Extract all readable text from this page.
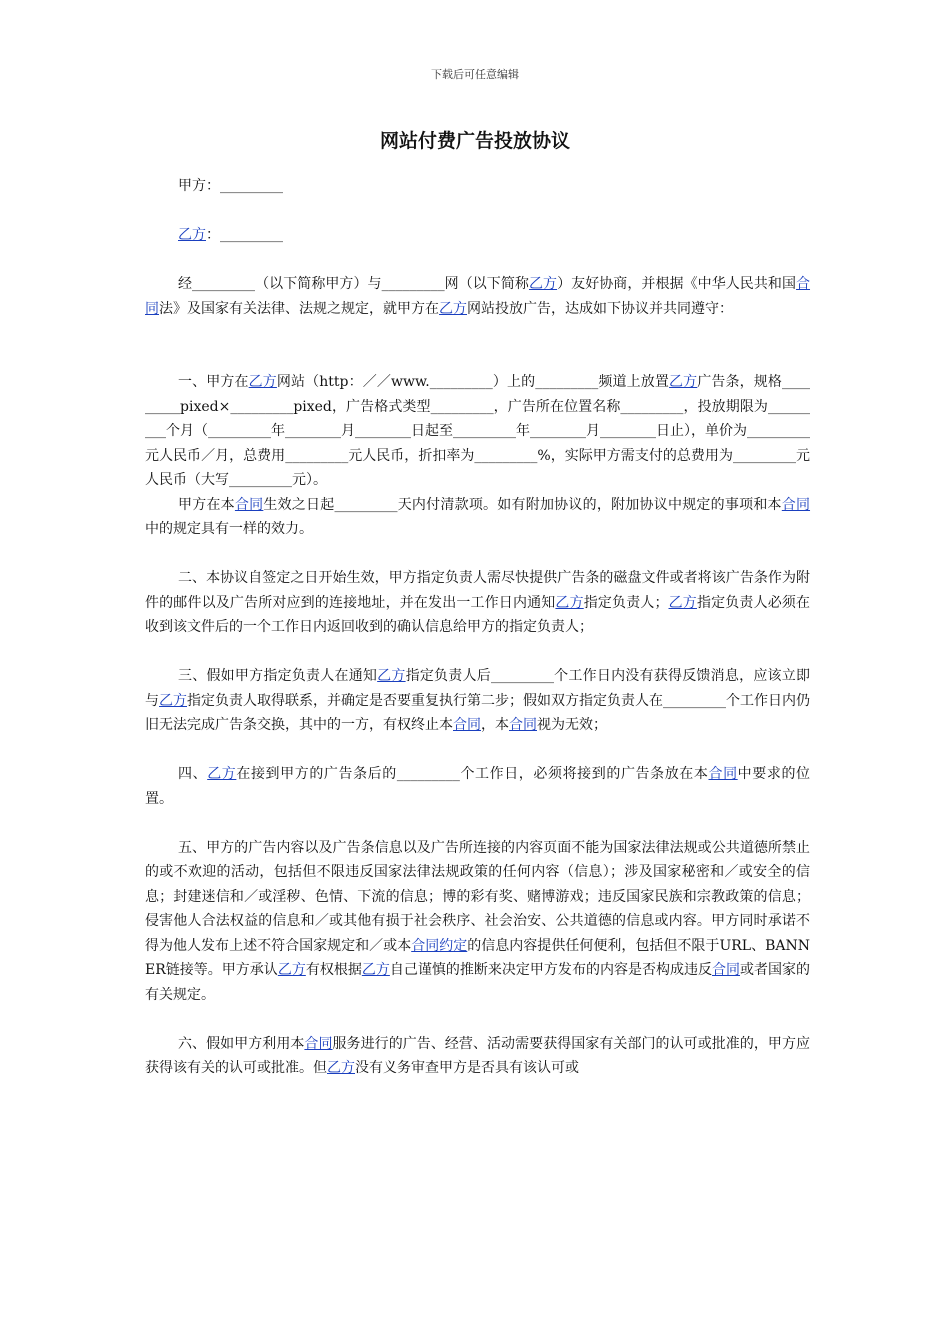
下载后可任意编辑
网站付费广告投放协议

甲方：_________

乙方：_________

经_________（以下简称甲方）与_________网（以下简称乙方）友好协商，并根据《中华人民共和国合同法》及国家有关法律、法规之规定，就甲方在乙方网站投放广告，达成如下协议并共同遵守：

一、甲方在乙方网站（http：／／www._________）上的_________频道上放置乙方广告条，规格_________pixed×_________pixed，广告格式类型_________，广告所在位置名称_________，投放期限为_________个月（_________年________月________日起至_________年________月________日止），单价为_________元人民币／月，总费用_________元人民币，折扣率为_________%，实际甲方需支付的总费用为_________元人民币（大写_________元）。

甲方在本合同生效之日起_________天内付清款项。如有附加协议的，附加协议中规定的事项和本合同中的规定具有一样的效力。

二、本协议自签定之日开始生效，甲方指定负责人需尽快提供广告条的磁盘文件或者将该广告条作为附件的邮件以及广告所对应到的连接地址，并在发出一工作日内通知乙方指定负责人；乙方指定负责人必须在收到该文件后的一个工作日内返回收到的确认信息给甲方的指定负责人；

三、假如甲方指定负责人在通知乙方指定负责人后_________个工作日内没有获得反馈消息，应该立即与乙方指定负责人取得联系，并确定是否要重复执行第二步；假如双方指定负责人在_________个工作日内仍旧无法完成广告条交换，其中的一方，有权终止本合同，本合同视为无效；

四、乙方在接到甲方的广告条后的_________个工作日，必须将接到的广告条放在本合同中要求的位置。

五、甲方的广告内容以及广告条信息以及广告所连接的内容页面不能为国家法律法规或公共道德所禁止的或不欢迎的活动，包括但不限违反国家法律法规政策的任何内容（信息）；涉及国家秘密和／或安全的信息；封建迷信和／或淫秽、色情、下流的信息；博的彩有奖、赌博游戏；违反国家民族和宗教政策的信息；侵害他人合法权益的信息和／或其他有损于社会秩序、社会治安、公共道德的信息或内容。甲方同时承诺不得为他人发布上述不符合国家规定和／或本合同约定的信息内容提供任何便利，包括但不限于URL、BANNER链接等。甲方承认乙方有权根据乙方自己谨慎的推断来决定甲方发布的内容是否构成违反合同或者国家的有关规定。

六、假如甲方利用本合同服务进行的广告、经营、活动需要获得国家有关部门的认可或批准的，甲方应获得该有关的认可或批准。但乙方没有义务审查甲方是否具有该认可或
